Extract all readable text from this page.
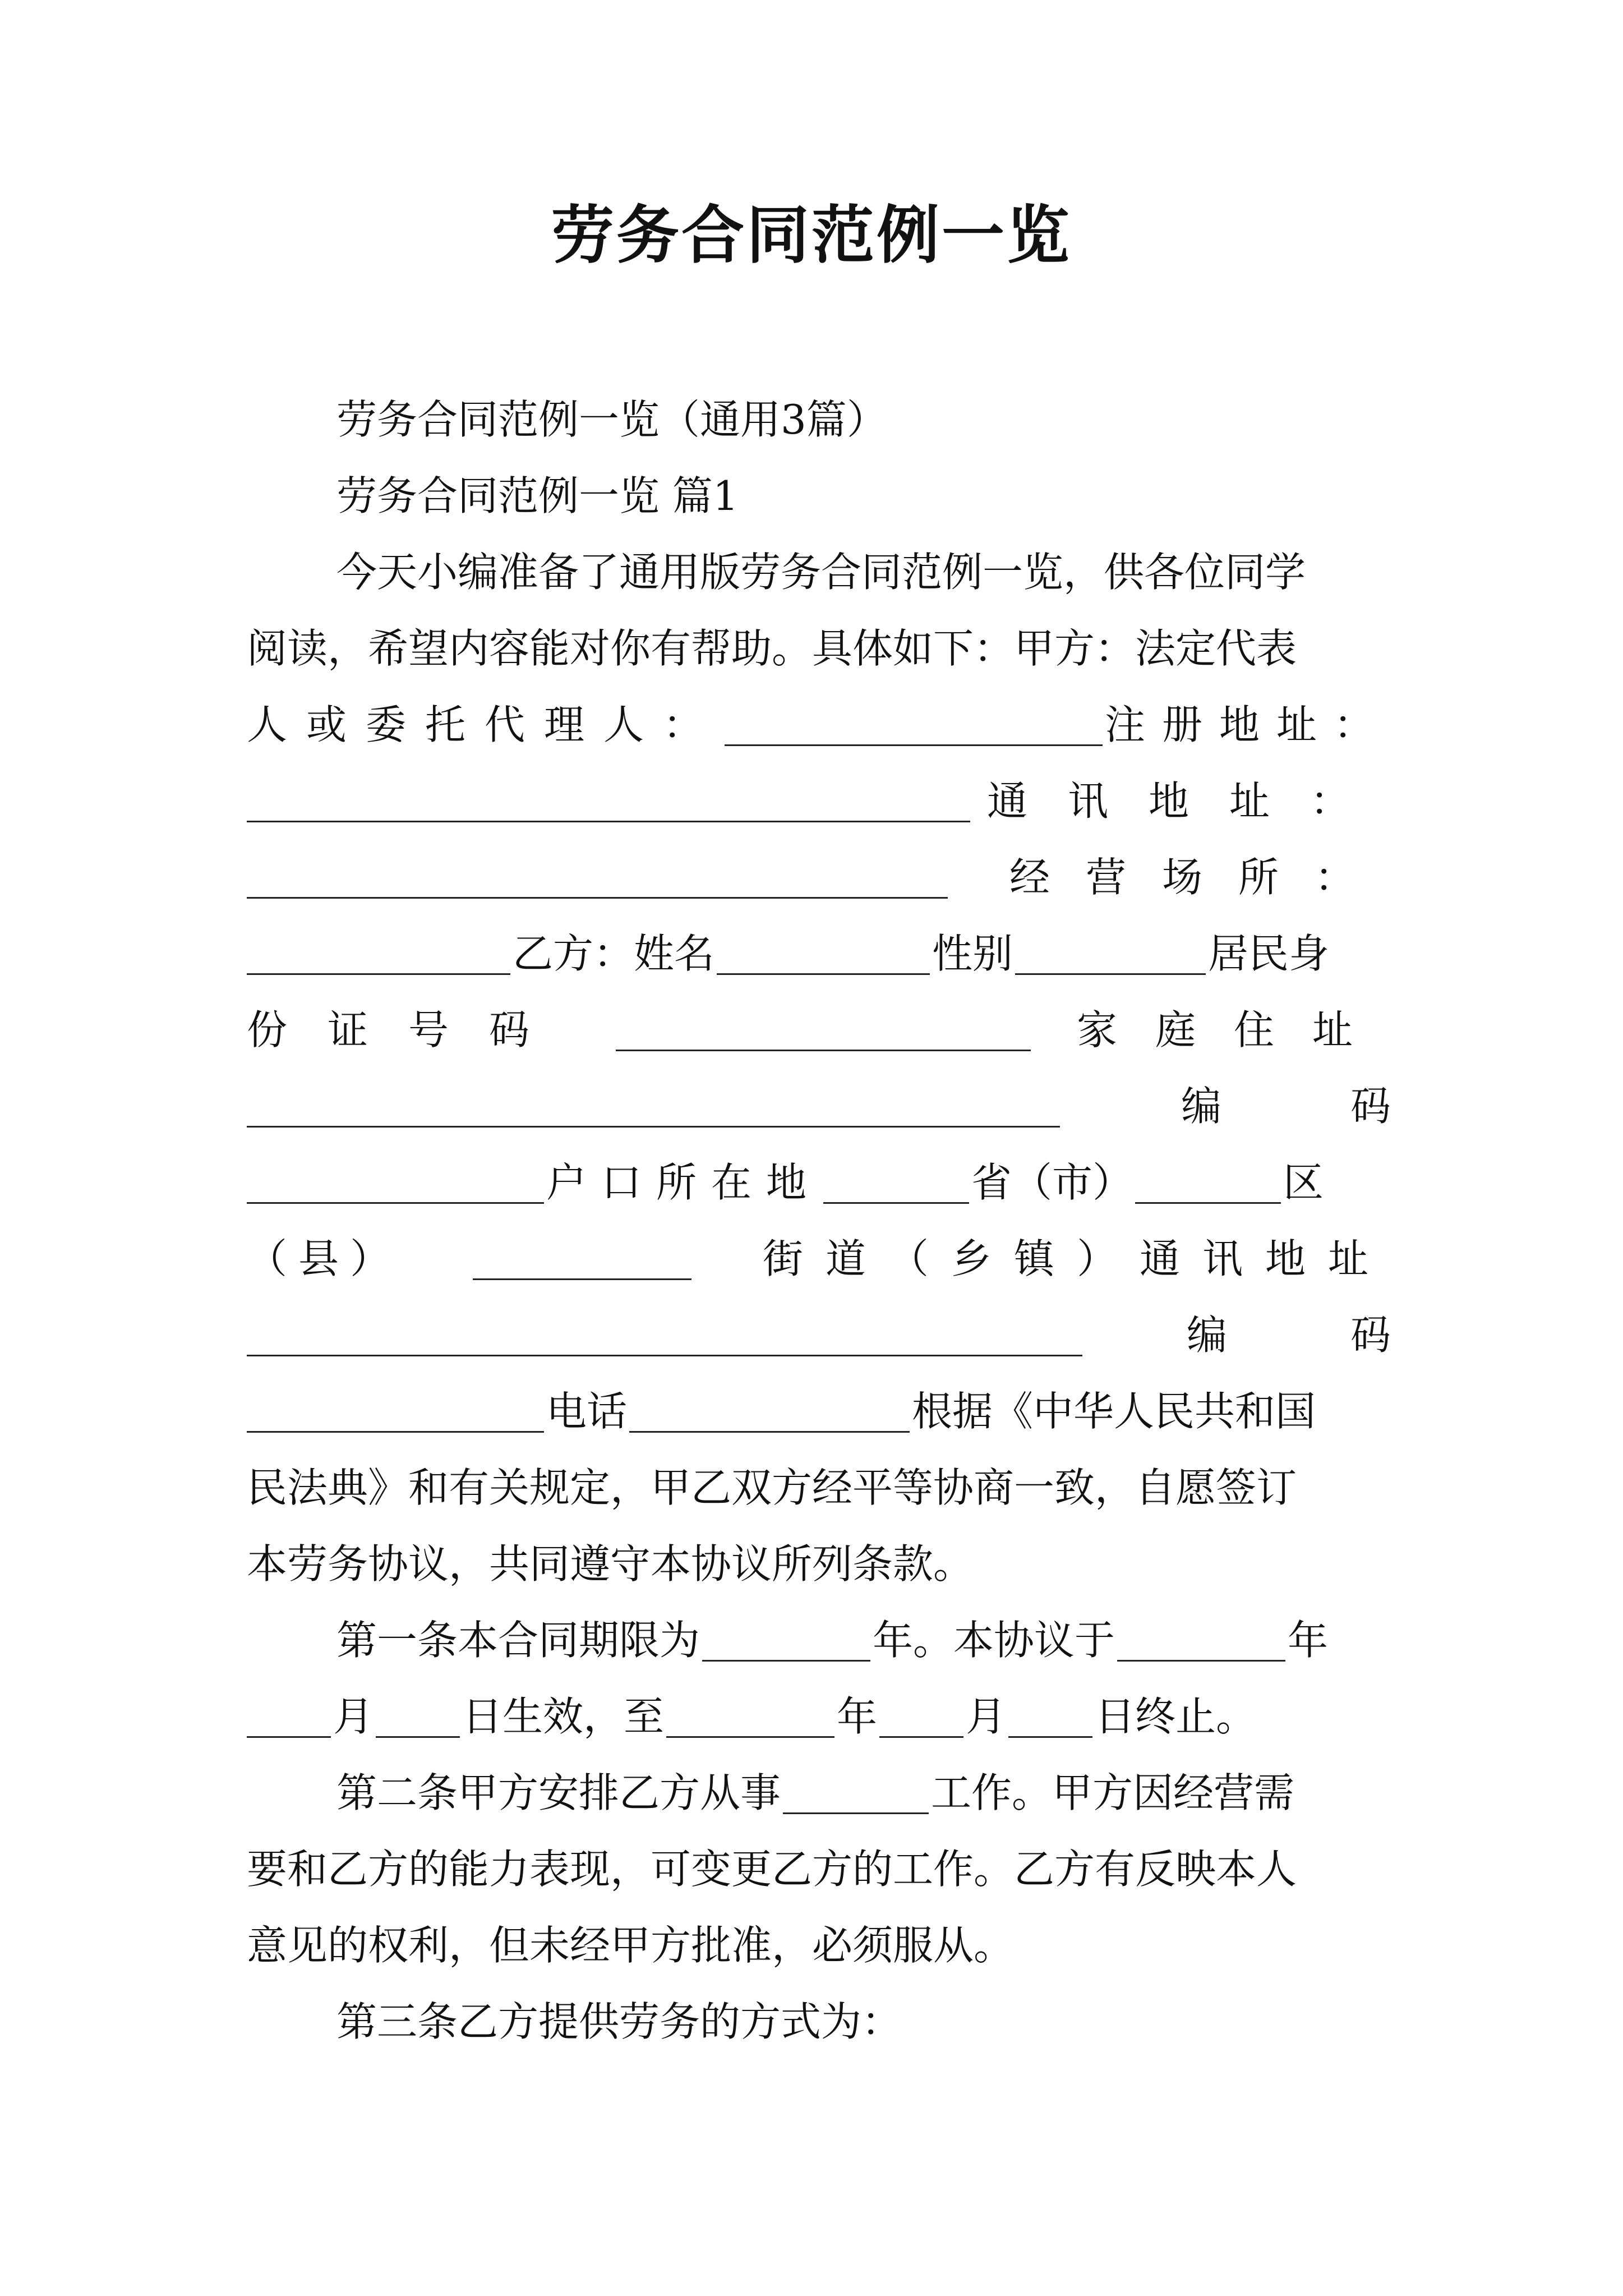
劳务合同范例一览
劳务合同范例一览（通用3篇）
劳务合同范例一览 篇1
今天小编准备了通用版劳务合同范例一览，供各位同学
阅读，希望内容能对你有帮助。具体如下：甲方：法定代表
人或委托代理人：	注册地址：
通讯地址：
经营场所：
乙方：姓名	性别	居民身
份证号码	家庭住址
编码
户口所在地	省（市）	区
（县）	街道（乡镇）通讯地址
编码
电话	根据《中华人民共和国
民法典》和有关规定，甲乙双方经平等协商一致，自愿签订
本劳务协议，共同遵守本协议所列条款。
第一条本合同期限为	年。本协议于	年
月 日生效，至	年 月 日终止。
第二条甲方安排乙方从事	工作。甲方因经营需
要和乙方的能力表现，可变更乙方的工作。乙方有反映本人
意见的权利，但未经甲方批准，必须服从。
第三条乙方提供劳务的方式为：
